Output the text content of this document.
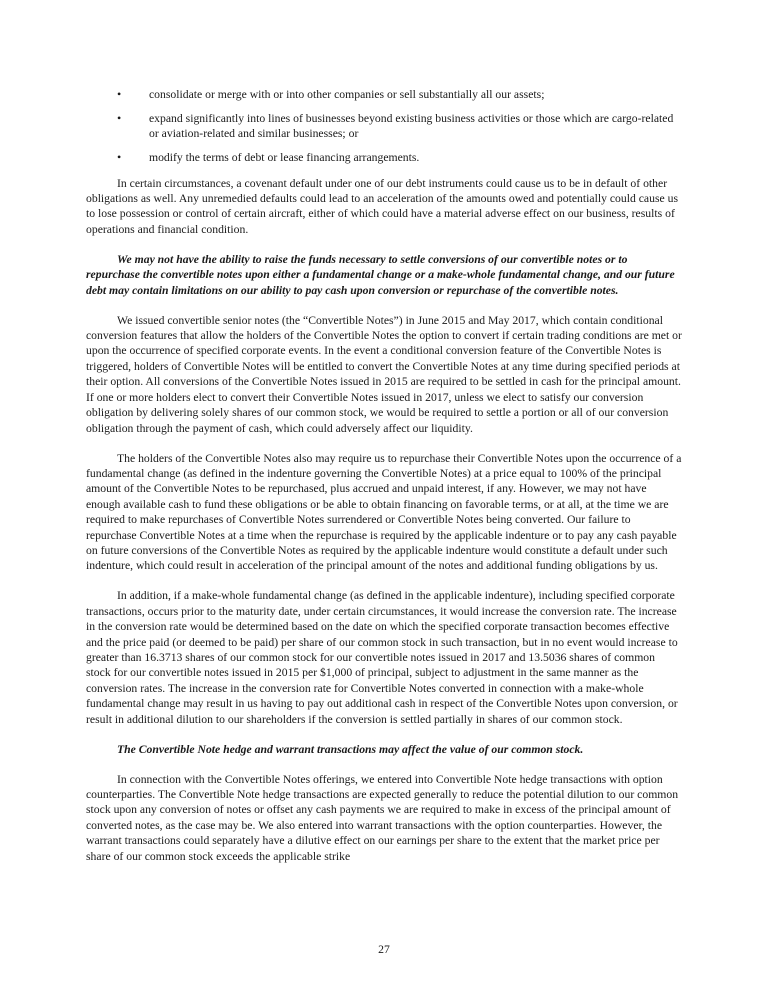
• consolidate or merge with or into other companies or sell substantially all our assets;
• expand significantly into lines of businesses beyond existing business activities or those which are cargo-related or aviation-related and similar businesses; or
• modify the terms of debt or lease financing arrangements.

In certain circumstances, a covenant default under one of our debt instruments could cause us to be in default of other obligations as well. Any unremedied defaults could lead to an acceleration of the amounts owed and potentially could cause us to lose possession or control of certain aircraft, either of which could have a material adverse effect on our business, results of operations and financial condition.

We may not have the ability to raise the funds necessary to settle conversions of our convertible notes or to repurchase the convertible notes upon either a fundamental change or a make-whole fundamental change, and our future debt may contain limitations on our ability to pay cash upon conversion or repurchase of the convertible notes.

We issued convertible senior notes (the “Convertible Notes”) in June 2015 and May 2017, which contain conditional conversion features that allow the holders of the Convertible Notes the option to convert if certain trading conditions are met or upon the occurrence of specified corporate events. In the event a conditional conversion feature of the Convertible Notes is triggered, holders of Convertible Notes will be entitled to convert the Convertible Notes at any time during specified periods at their option. All conversions of the Convertible Notes issued in 2015 are required to be settled in cash for the principal amount. If one or more holders elect to convert their Convertible Notes issued in 2017, unless we elect to satisfy our conversion obligation by delivering solely shares of our common stock, we would be required to settle a portion or all of our conversion obligation through the payment of cash, which could adversely affect our liquidity.

The holders of the Convertible Notes also may require us to repurchase their Convertible Notes upon the occurrence of a fundamental change (as defined in the indenture governing the Convertible Notes) at a price equal to 100% of the principal amount of the Convertible Notes to be repurchased, plus accrued and unpaid interest, if any. However, we may not have enough available cash to fund these obligations or be able to obtain financing on favorable terms, or at all, at the time we are required to make repurchases of Convertible Notes surrendered or Convertible Notes being converted. Our failure to repurchase Convertible Notes at a time when the repurchase is required by the applicable indenture or to pay any cash payable on future conversions of the Convertible Notes as required by the applicable indenture would constitute a default under such indenture, which could result in acceleration of the principal amount of the notes and additional funding obligations by us.

In addition, if a make-whole fundamental change (as defined in the applicable indenture), including specified corporate transactions, occurs prior to the maturity date, under certain circumstances, it would increase the conversion rate. The increase in the conversion rate would be determined based on the date on which the specified corporate transaction becomes effective and the price paid (or deemed to be paid) per share of our common stock in such transaction, but in no event would increase to greater than 16.3713 shares of our common stock for our convertible notes issued in 2017 and 13.5036 shares of common stock for our convertible notes issued in 2015 per $1,000 of principal, subject to adjustment in the same manner as the conversion rates. The increase in the conversion rate for Convertible Notes converted in connection with a make-whole fundamental change may result in us having to pay out additional cash in respect of the Convertible Notes upon conversion, or result in additional dilution to our shareholders if the conversion is settled partially in shares of our common stock.

The Convertible Note hedge and warrant transactions may affect the value of our common stock.

In connection with the Convertible Notes offerings, we entered into Convertible Note hedge transactions with option counterparties. The Convertible Note hedge transactions are expected generally to reduce the potential dilution to our common stock upon any conversion of notes or offset any cash payments we are required to make in excess of the principal amount of converted notes, as the case may be. We also entered into warrant transactions with the option counterparties. However, the warrant transactions could separately have a dilutive effect on our earnings per share to the extent that the market price per share of our common stock exceeds the applicable strike

27
